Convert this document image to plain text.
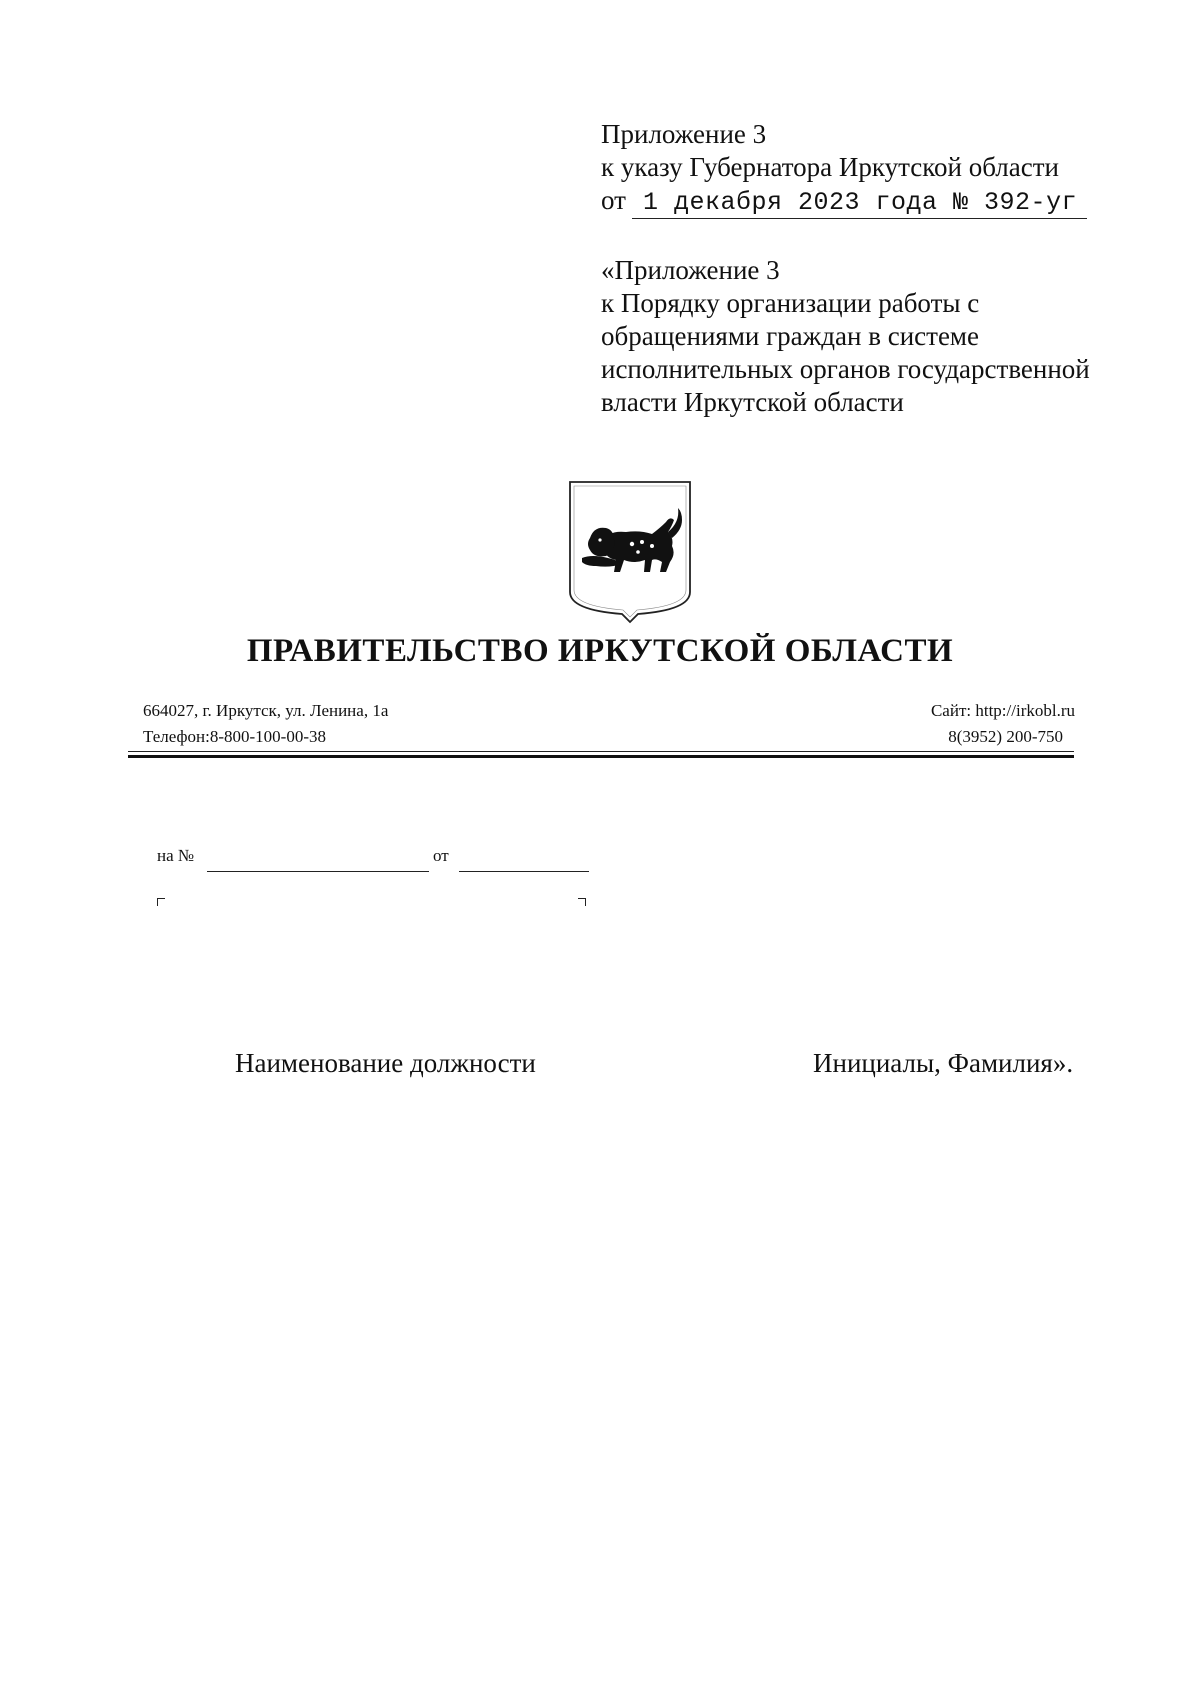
Приложение 3
к указу Губернатора Иркутской области
от 1 декабря 2023 года № 392-уг
«Приложение 3
к Порядку организации работы с
обращениями граждан в системе
исполнительных органов государственной
власти Иркутской области
ПРАВИТЕЛЬСТВО ИРКУТСКОЙ ОБЛАСТИ
664027, г. Иркутск, ул. Ленина, 1а
Телефон:8-800-100-00-38
Сайт: http://irkobl.ru
8(3952) 200-750
на №	от
Наименование должности	Инициалы, Фамилия».
